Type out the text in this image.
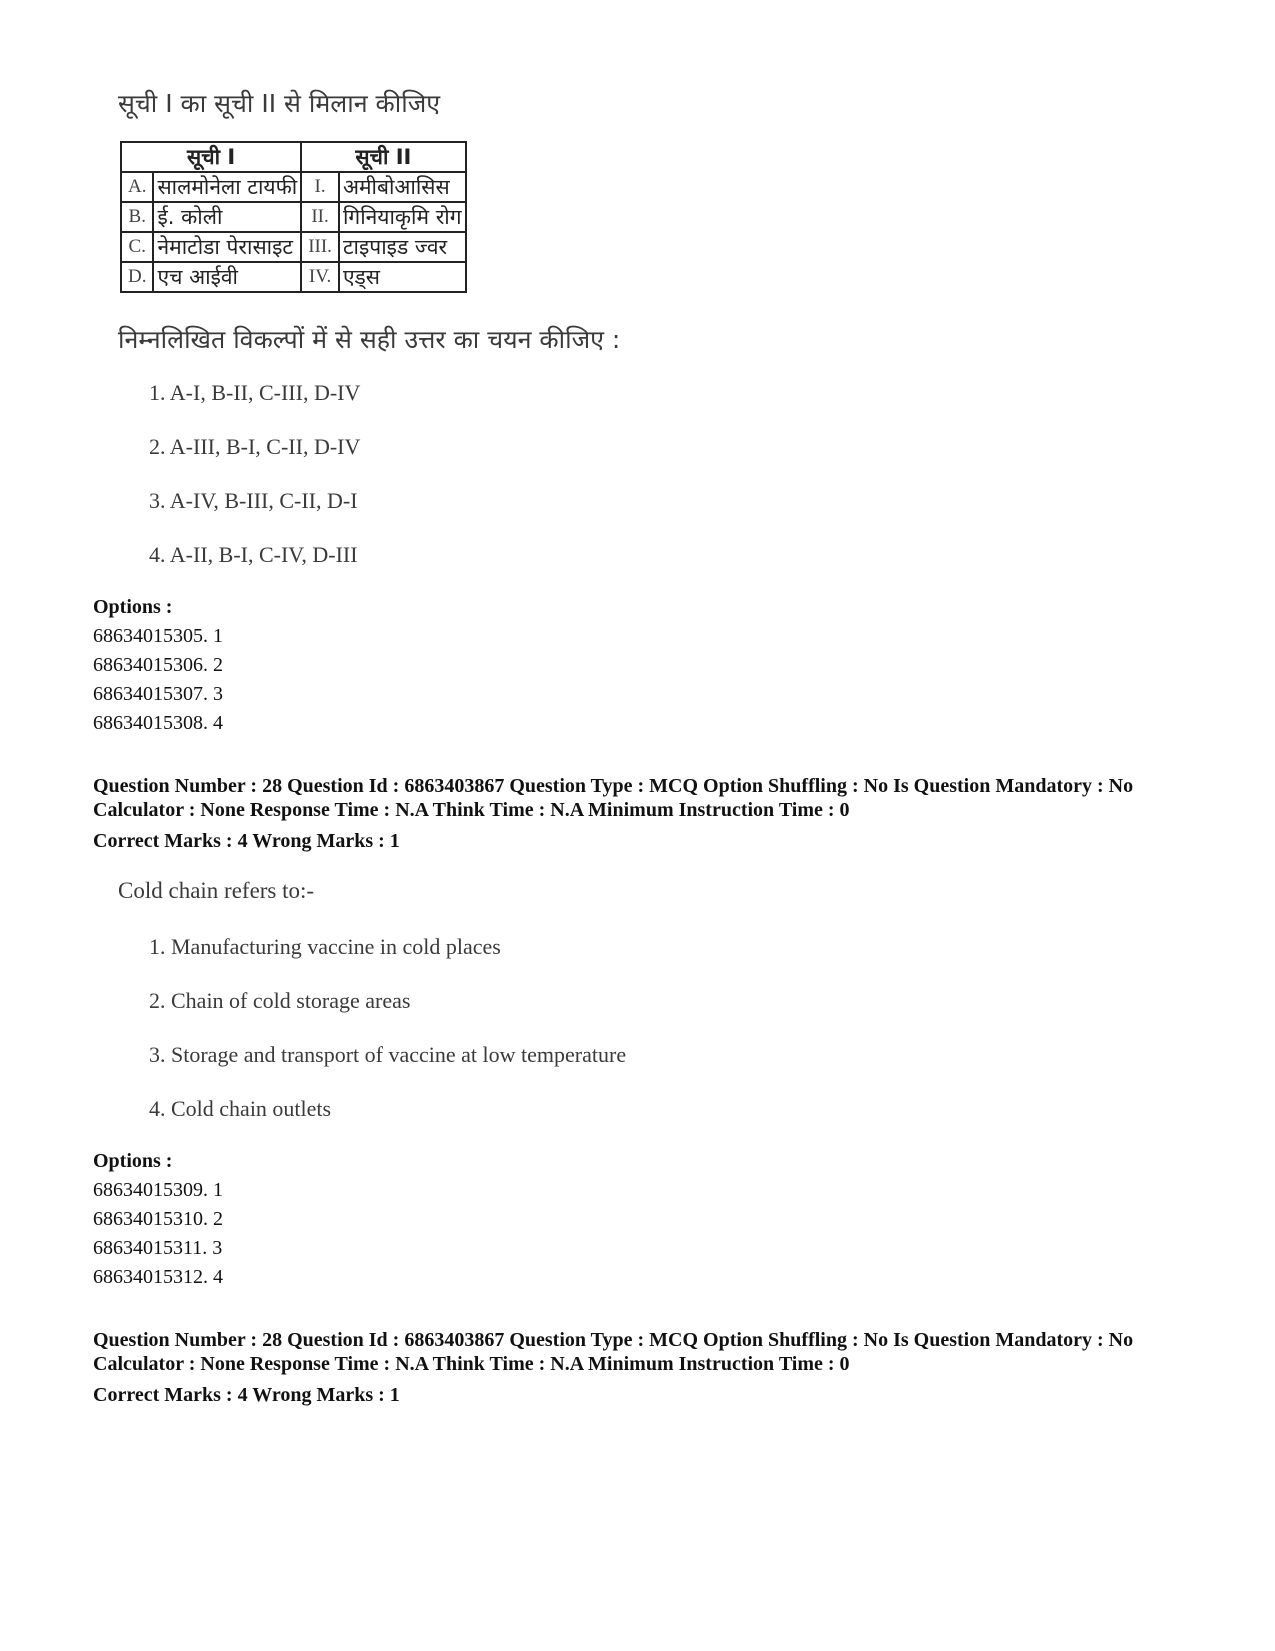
सूची I का सूची II से मिलान कीजिए
सूची I		सूची II	
A.	सालमोनेला टायफी	I.	अमीबोआसिस
B.	ई. कोली	II.	गिनियाकृमि रोग
C.	नेमाटोडा पेरासाइट	III.	टाइपाइड ज्वर
D.	एच आईवी	IV.	एड्स
निम्नलिखित विकल्पों में से सही उत्तर का चयन कीजिए :
1. A-I, B-II, C-III, D-IV
2. A-III, B-I, C-II, D-IV
3. A-IV, B-III, C-II, D-I
4. A-II, B-I, C-IV, D-III
Options :
68634015305. 1
68634015306. 2
68634015307. 3
68634015308. 4
Question Number : 28 Question Id : 6863403867 Question Type : MCQ Option Shuffling : No Is Question Mandatory : No Calculator : None Response Time : N.A Think Time : N.A Minimum Instruction Time : 0
Correct Marks : 4 Wrong Marks : 1
Cold chain refers to:-
1. Manufacturing vaccine in cold places
2. Chain of cold storage areas
3. Storage and transport of vaccine at low temperature
4. Cold chain outlets
Options :
68634015309. 1
68634015310. 2
68634015311. 3
68634015312. 4
Question Number : 28 Question Id : 6863403867 Question Type : MCQ Option Shuffling : No Is Question Mandatory : No Calculator : None Response Time : N.A Think Time : N.A Minimum Instruction Time : 0
Correct Marks : 4 Wrong Marks : 1
